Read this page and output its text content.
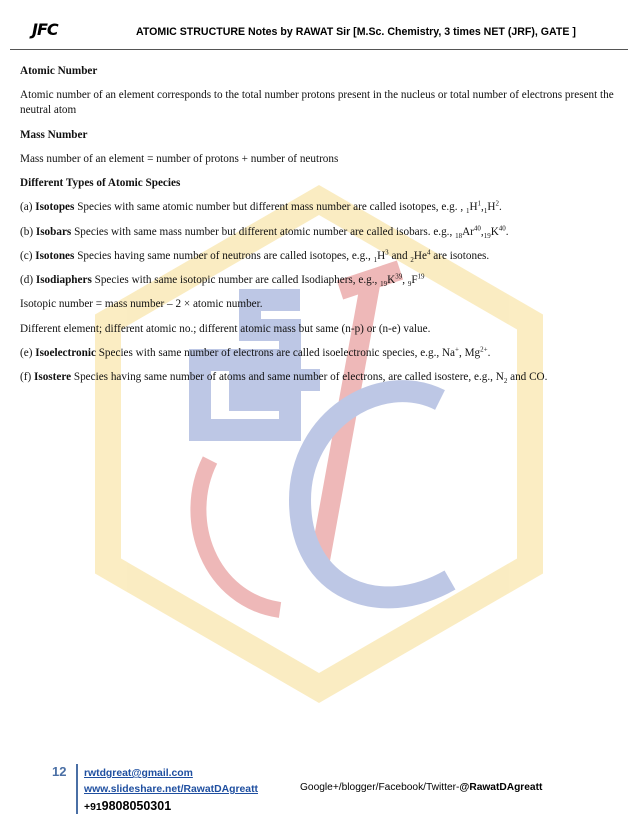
JFC	ATOMIC STRUCTURE Notes by RAWAT Sir [M.Sc. Chemistry, 3 times NET (JRF), GATE ]

Atomic Number

Atomic number of an element corresponds to the total number protons present in the nucleus or total number of electrons present the neutral atom

Mass Number

Mass number of an element = number of protons + number of neutrons

Different Types of Atomic Species

(a) Isotopes Species with same atomic number but different mass number are called isotopes, e.g. , $_1H^1,_1H^2$.

(b) Isobars Species with same mass number but different atomic number are called isobars. e.g., $_{18}Ar^{40},_{19}K^{40}$.

(c) Isotones Species having same number of neutrons are called isotopes, e.g., $_1H^3$ and $_2He^4$ are isotones.

(d) Isodiaphers Species with same isotopic number are called Isodiaphers, e.g., $_{19}K^{39}$, $_9F^{19}$

Isotopic number = mass number – 2 × atomic number.

Different element; different atomic no.; different atomic mass but same (n-p) or (n-e) value.

(e) Isoelectronic Species with same number of electrons are called isoelectronic species, e.g., Na+, $Mg^{2+}$.

(f) Isostere Species having same number of atoms and same number of electrons, are called isostere, e.g., $N_2$ and CO.

12 rwtdgreat@gmail.com
www.slideshare.net/RawatDAgreatt
+919808050301
Google+/blogger/Facebook/Twitter-@RawatDAgreatt
